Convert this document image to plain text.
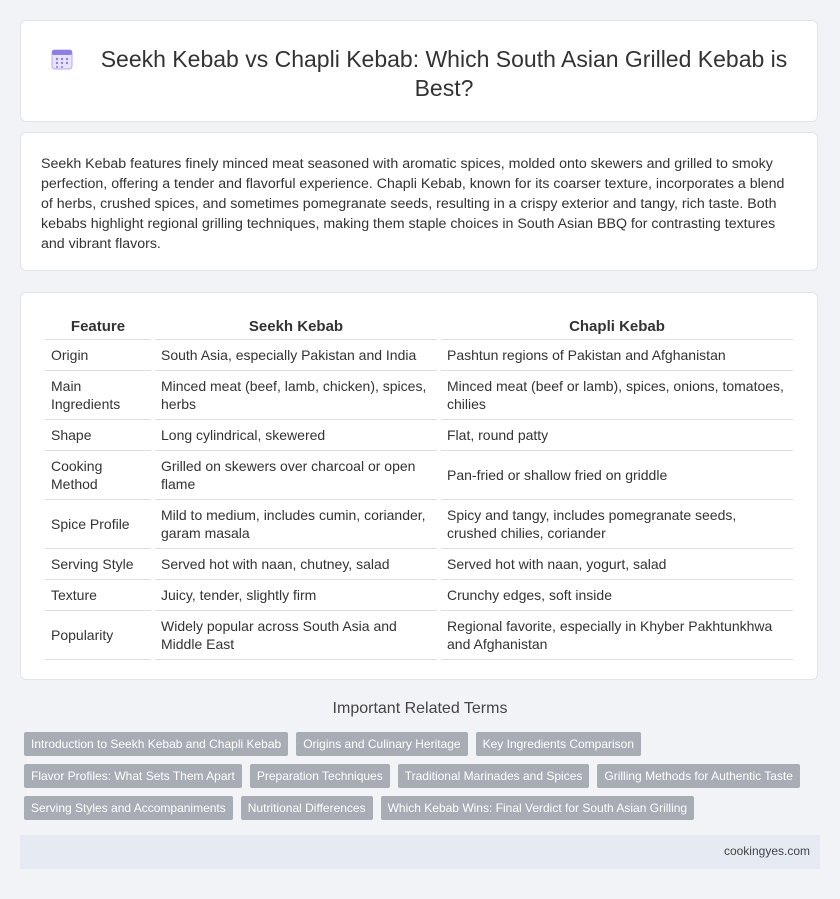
Seekh Kebab vs Chapli Kebab: Which South Asian Grilled Kebab is Best?

Seekh Kebab features finely minced meat seasoned with aromatic spices, molded onto skewers and grilled to smoky perfection, offering a tender and flavorful experience. Chapli Kebab, known for its coarser texture, incorporates a blend of herbs, crushed spices, and sometimes pomegranate seeds, resulting in a crispy exterior and tangy, rich taste. Both kebabs highlight regional grilling techniques, making them staple choices in South Asian BBQ for contrasting textures and vibrant flavors.

Feature	Seekh Kebab	Chapli Kebab
Origin	South Asia, especially Pakistan and India	Pashtun regions of Pakistan and Afghanistan
Main Ingredients	Minced meat (beef, lamb, chicken), spices, herbs	Minced meat (beef or lamb), spices, onions, tomatoes, chilies
Shape	Long cylindrical, skewered	Flat, round patty
Cooking Method	Grilled on skewers over charcoal or open flame	Pan-fried or shallow fried on griddle
Spice Profile	Mild to medium, includes cumin, coriander, garam masala	Spicy and tangy, includes pomegranate seeds, crushed chilies, coriander
Serving Style	Served hot with naan, chutney, salad	Served hot with naan, yogurt, salad
Texture	Juicy, tender, slightly firm	Crunchy edges, soft inside
Popularity	Widely popular across South Asia and Middle East	Regional favorite, especially in Khyber Pakhtunkhwa and Afghanistan
Important Related Terms
Introduction to Seekh Kebab and Chapli Kebab	Origins and Culinary Heritage	Key Ingredients Comparison
Flavor Profiles: What Sets Them Apart	Preparation Techniques	Traditional Marinades and Spices	Grilling Methods for Authentic Taste
Serving Styles and Accompaniments	Nutritional Differences	Which Kebab Wins: Final Verdict for South Asian Grilling
cookingyes.com
